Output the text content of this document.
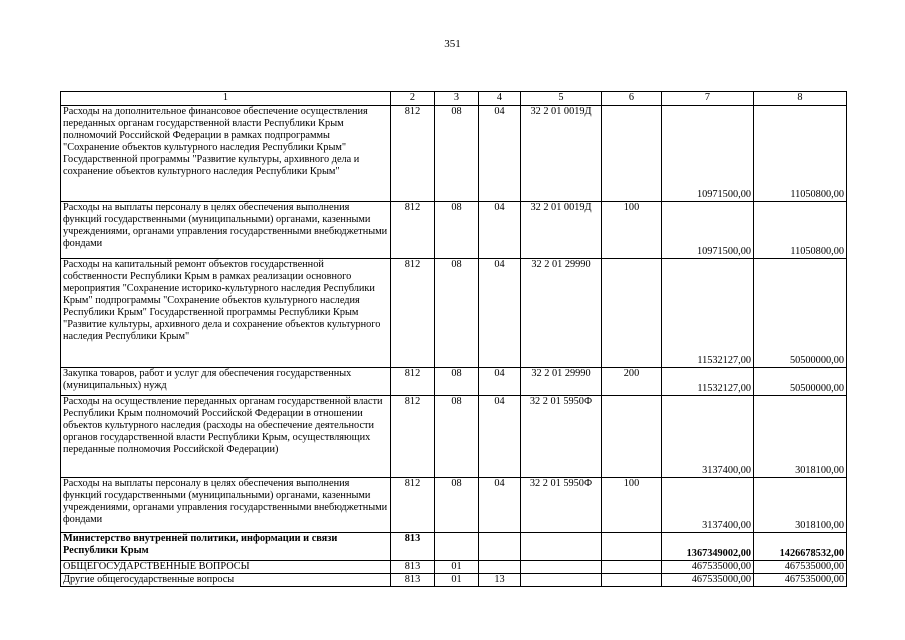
351
1	2	3	4	5	6	7	8
Расходы на дополнительное финансовое обеспечение осуществления переданных органам государственной власти Республики Крым полномочий Российской Федерации в рамках подпрограммы "Сохранение объектов культурного наследия Республики Крым" Государственной программы "Развитие культуры, архивного дела и сохранение объектов культурного наследия Республики Крым"	812	08	04	32 2 01 0019Д		10971500,00	11050800,00
Расходы на выплаты персоналу в целях обеспечения выполнения функций государственными (муниципальными) органами, казенными учреждениями, органами управления государственными внебюджетными фондами	812	08	04	32 2 01 0019Д	100	10971500,00	11050800,00
Расходы на капитальный ремонт объектов государственной собственности Республики Крым в рамках реализации основного мероприятия "Сохранение историко-культурного наследия Республики Крым" подпрограммы "Сохранение объектов культурного наследия Республики Крым" Государственной программы Республики Крым "Развитие культуры, архивного дела и сохранение объектов культурного наследия Республики Крым"	812	08	04	32 2 01 29990		11532127,00	50500000,00
Закупка товаров, работ и услуг для обеспечения государственных (муниципальных) нужд	812	08	04	32 2 01 29990	200	11532127,00	50500000,00
Расходы на осуществление переданных органам государственной власти Республики Крым полномочий Российской Федерации в отношении объектов культурного наследия (расходы на обеспечение деятельности органов государственной власти Республики Крым, осуществляющих переданные полномочия Российской Федерации)	812	08	04	32 2 01 5950Ф		3137400,00	3018100,00
Расходы на выплаты персоналу в целях обеспечения выполнения функций государственными (муниципальными) органами, казенными учреждениями, органами управления государственными внебюджетными фондами	812	08	04	32 2 01 5950Ф	100	3137400,00	3018100,00
Министерство внутренней политики, информации и связи Республики Крым	813					1367349002,00	1426678532,00
ОБЩЕГОСУДАРСТВЕННЫЕ ВОПРОСЫ	813	01				467535000,00	467535000,00
Другие общегосударственные вопросы	813	01	13			467535000,00	467535000,00
